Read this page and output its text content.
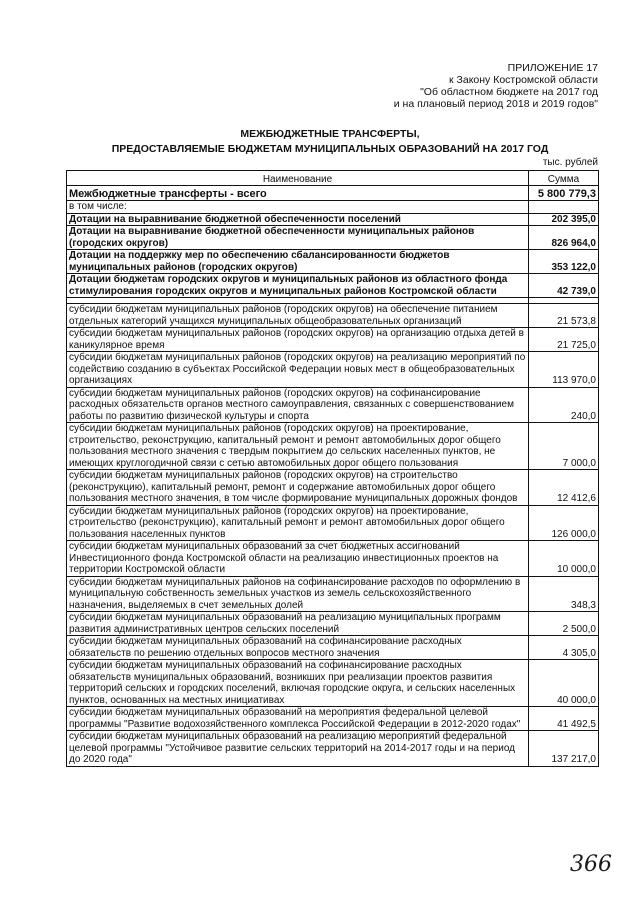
ПРИЛОЖЕНИЕ 17
к Закону Костромской области
"Об областном бюджете на 2017 год
и на плановый период 2018 и 2019 годов"
МЕЖБЮДЖЕТНЫЕ ТРАНСФЕРТЫ,
ПРЕДОСТАВЛЯЕМЫЕ БЮДЖЕТАМ МУНИЦИПАЛЬНЫХ ОБРАЗОВАНИЙ НА 2017 ГОД
тыс. рублей
Наименование	Сумма
Межбюджетные трансферты - всего	5 800 779,3
в том числе:	
Дотации на выравнивание бюджетной обеспеченности поселений	202 395,0
Дотации на выравнивание бюджетной обеспеченности муниципальных районов (городских округов)	826 964,0
Дотации на поддержку мер по обеспечению сбалансированности бюджетов муниципальных районов (городских округов)	353 122,0
Дотации бюджетам городских округов и муниципальных районов из областного фонда стимулирования городских округов и муниципальных районов Костромской области	42 739,0

субсидии бюджетам муниципальных районов (городских округов) на обеспечение питанием отдельных категорий учащихся муниципальных общеобразовательных организаций	21 573,8
субсидии бюджетам муниципальных районов (городских округов) на организацию отдыха детей в каникулярное время	21 725,0
субсидии бюджетам муниципальных районов (городских округов) на реализацию мероприятий по содействию созданию в субъектах Российской Федерации новых мест в общеобразовательных организациях	113 970,0
субсидии бюджетам муниципальных районов (городских округов) на софинансирование расходных обязательств органов местного самоуправления, связанных с совершенствованием работы по развитию физической культуры и спорта	240,0
субсидии бюджетам муниципальных районов (городских округов) на проектирование, строительство, реконструкцию, капитальный ремонт и ремонт автомобильных дорог общего пользования местного значения с твердым покрытием до сельских населенных пунктов, не имеющих круглогодичной связи с сетью автомобильных дорог общего пользования	7 000,0
субсидии бюджетам муниципальных районов (городских округов) на строительство (реконструкцию), капитальный ремонт, ремонт и содержание автомобильных дорог общего пользования местного значения, в том числе формирование муниципальных дорожных фондов	12 412,6
субсидии бюджетам муниципальных районов (городских округов) на проектирование, строительство (реконструкцию), капитальный ремонт и ремонт автомобильных дорог общего пользования населенных пунктов	126 000,0
субсидии бюджетам муниципальных образований за счет бюджетных ассигнований Инвестиционного фонда Костромской области на реализацию инвестиционных проектов на территории Костромской области	10 000,0
субсидии бюджетам муниципальных районов на софинансирование расходов по оформлению в муниципальную собственность земельных участков из земель сельскохозяйственного назначения, выделяемых в счет земельных долей	348,3
субсидии бюджетам муниципальных образований на реализацию муниципальных программ развития административных центров сельских поселений	2 500,0
субсидии бюджетам муниципальных образований на софинансирование расходных обязательств по решению отдельных вопросов местного значения	4 305,0
субсидии бюджетам муниципальных образований на софинансирование расходных обязательств муниципальных образований, возникших при реализации проектов развития территорий сельских и городских поселений, включая городские округа, и сельских населенных пунктов, основанных на местных инициативах	40 000,0
субсидии бюджетам муниципальных образований на мероприятия федеральной целевой программы "Развитие водохозяйственного комплекса Российской Федерации в 2012-2020 годах"	41 492,5
субсидии бюджетам муниципальных образований на реализацию мероприятий федеральной целевой программы "Устойчивое развитие сельских территорий на 2014-2017 годы и на период до 2020 года"	137 217,0
366
